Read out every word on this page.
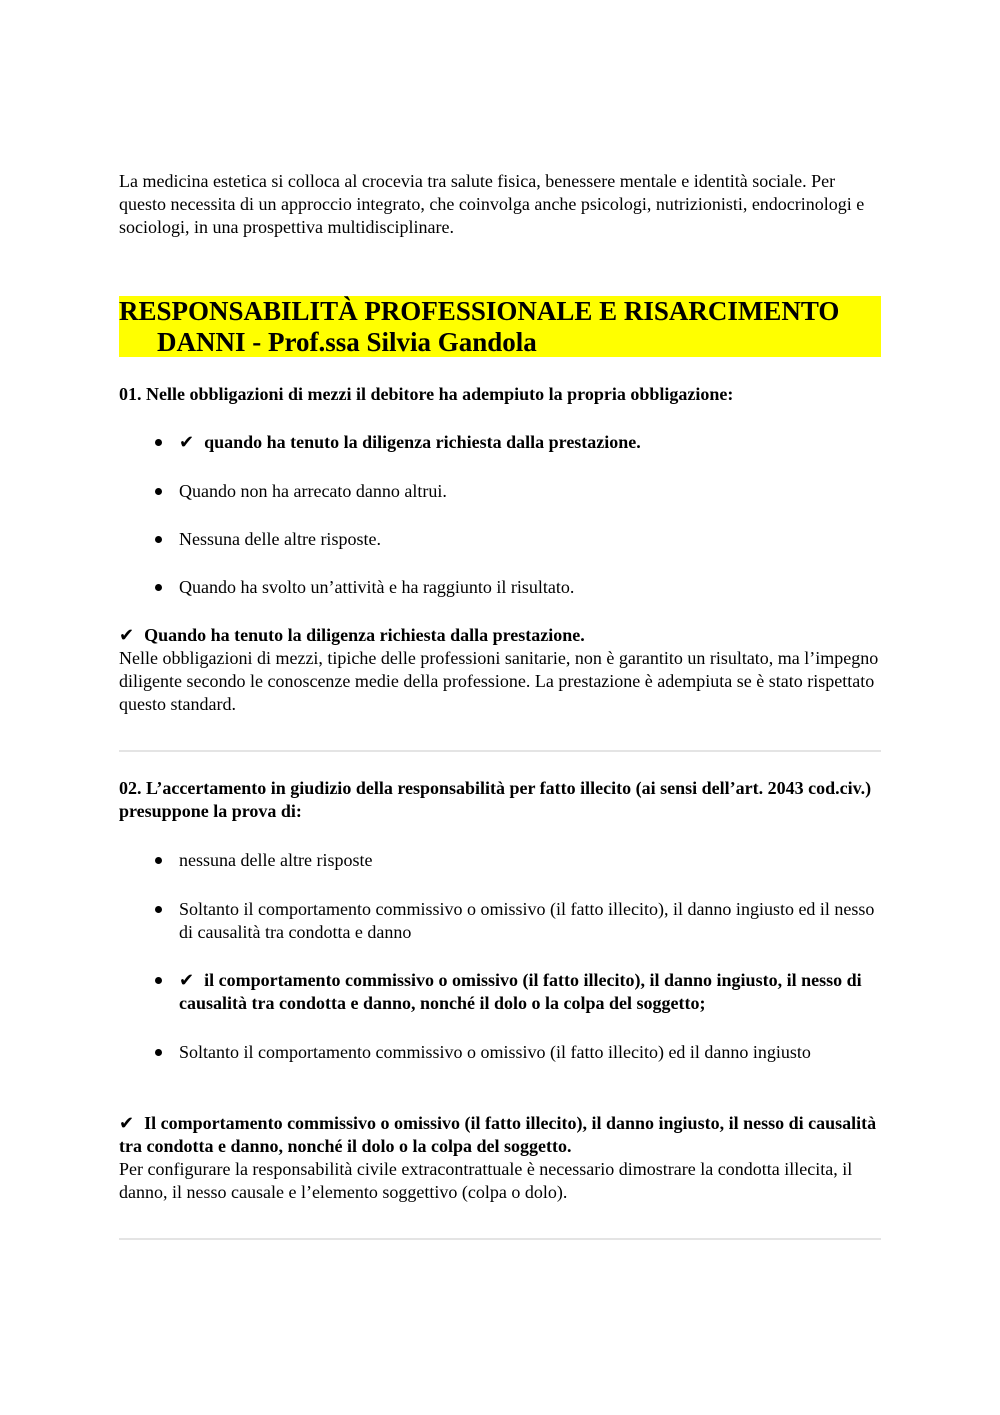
La medicina estetica si colloca al crocevia tra salute fisica, benessere mentale e identità sociale. Per questo necessita di un approccio integrato, che coinvolga anche psicologi, nutrizionisti, endocrinologi e sociologi, in una prospettiva multidisciplinare.

RESPONSABILITÀ PROFESSIONALE E RISARCIMENTO
DANNI - Prof.ssa Silvia Gandola

01. Nelle obbligazioni di mezzi il debitore ha adempiuto la propria obbligazione:

✔ quando ha tenuto la diligenza richiesta dalla prestazione.
Quando non ha arrecato danno altrui.
Nessuna delle altre risposte.
Quando ha svolto un’attività e ha raggiunto il risultato.
✔ Quando ha tenuto la diligenza richiesta dalla prestazione.
Nelle obbligazioni di mezzi, tipiche delle professioni sanitarie, non è garantito un risultato, ma l’impegno diligente secondo le conoscenze medie della professione. La prestazione è adempiuta se è stato rispettato questo standard.

02. L’accertamento in giudizio della responsabilità per fatto illecito (ai sensi dell’art. 2043 cod.civ.) presuppone la prova di:

nessuna delle altre risposte
Soltanto il comportamento commissivo o omissivo (il fatto illecito), il danno ingiusto ed il nesso di causalità tra condotta e danno
✔ il comportamento commissivo o omissivo (il fatto illecito), il danno ingiusto, il nesso di causalità tra condotta e danno, nonché il dolo o la colpa del soggetto;
Soltanto il comportamento commissivo o omissivo (il fatto illecito) ed il danno ingiusto
✔ Il comportamento commissivo o omissivo (il fatto illecito), il danno ingiusto, il nesso di causalità tra condotta e danno, nonché il dolo o la colpa del soggetto.
Per configurare la responsabilità civile extracontrattuale è necessario dimostrare la condotta illecita, il danno, il nesso causale e l’elemento soggettivo (colpa o dolo).
